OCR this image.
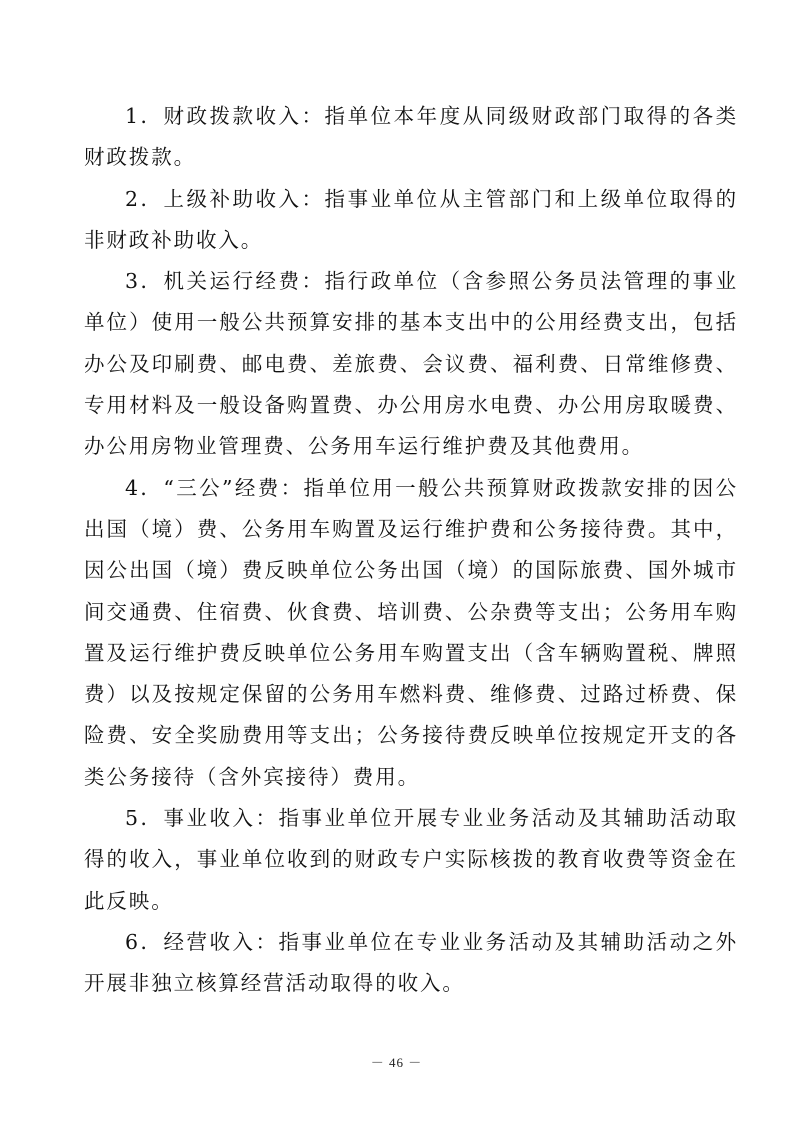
1．财政拨款收入：指单位本年度从同级财政部门取得的各类财政拨款。

2．上级补助收入：指事业单位从主管部门和上级单位取得的非财政补助收入。

3．机关运行经费：指行政单位（含参照公务员法管理的事业单位）使用一般公共预算安排的基本支出中的公用经费支出，包括办公及印刷费、邮电费、差旅费、会议费、福利费、日常维修费、专用材料及一般设备购置费、办公用房水电费、办公用房取暖费、办公用房物业管理费、公务用车运行维护费及其他费用。

4．“三公”经费：指单位用一般公共预算财政拨款安排的因公出国（境）费、公务用车购置及运行维护费和公务接待费。其中，因公出国（境）费反映单位公务出国（境）的国际旅费、国外城市间交通费、住宿费、伙食费、培训费、公杂费等支出；公务用车购置及运行维护费反映单位公务用车购置支出（含车辆购置税、牌照费）以及按规定保留的公务用车燃料费、维修费、过路过桥费、保险费、安全奖励费用等支出；公务接待费反映单位按规定开支的各类公务接待（含外宾接待）费用。

5．事业收入：指事业单位开展专业业务活动及其辅助活动取得的收入，事业单位收到的财政专户实际核拨的教育收费等资金在此反映。

6．经营收入：指事业单位在专业业务活动及其辅助活动之外开展非独立核算经营活动取得的收入。

－ 46 －
